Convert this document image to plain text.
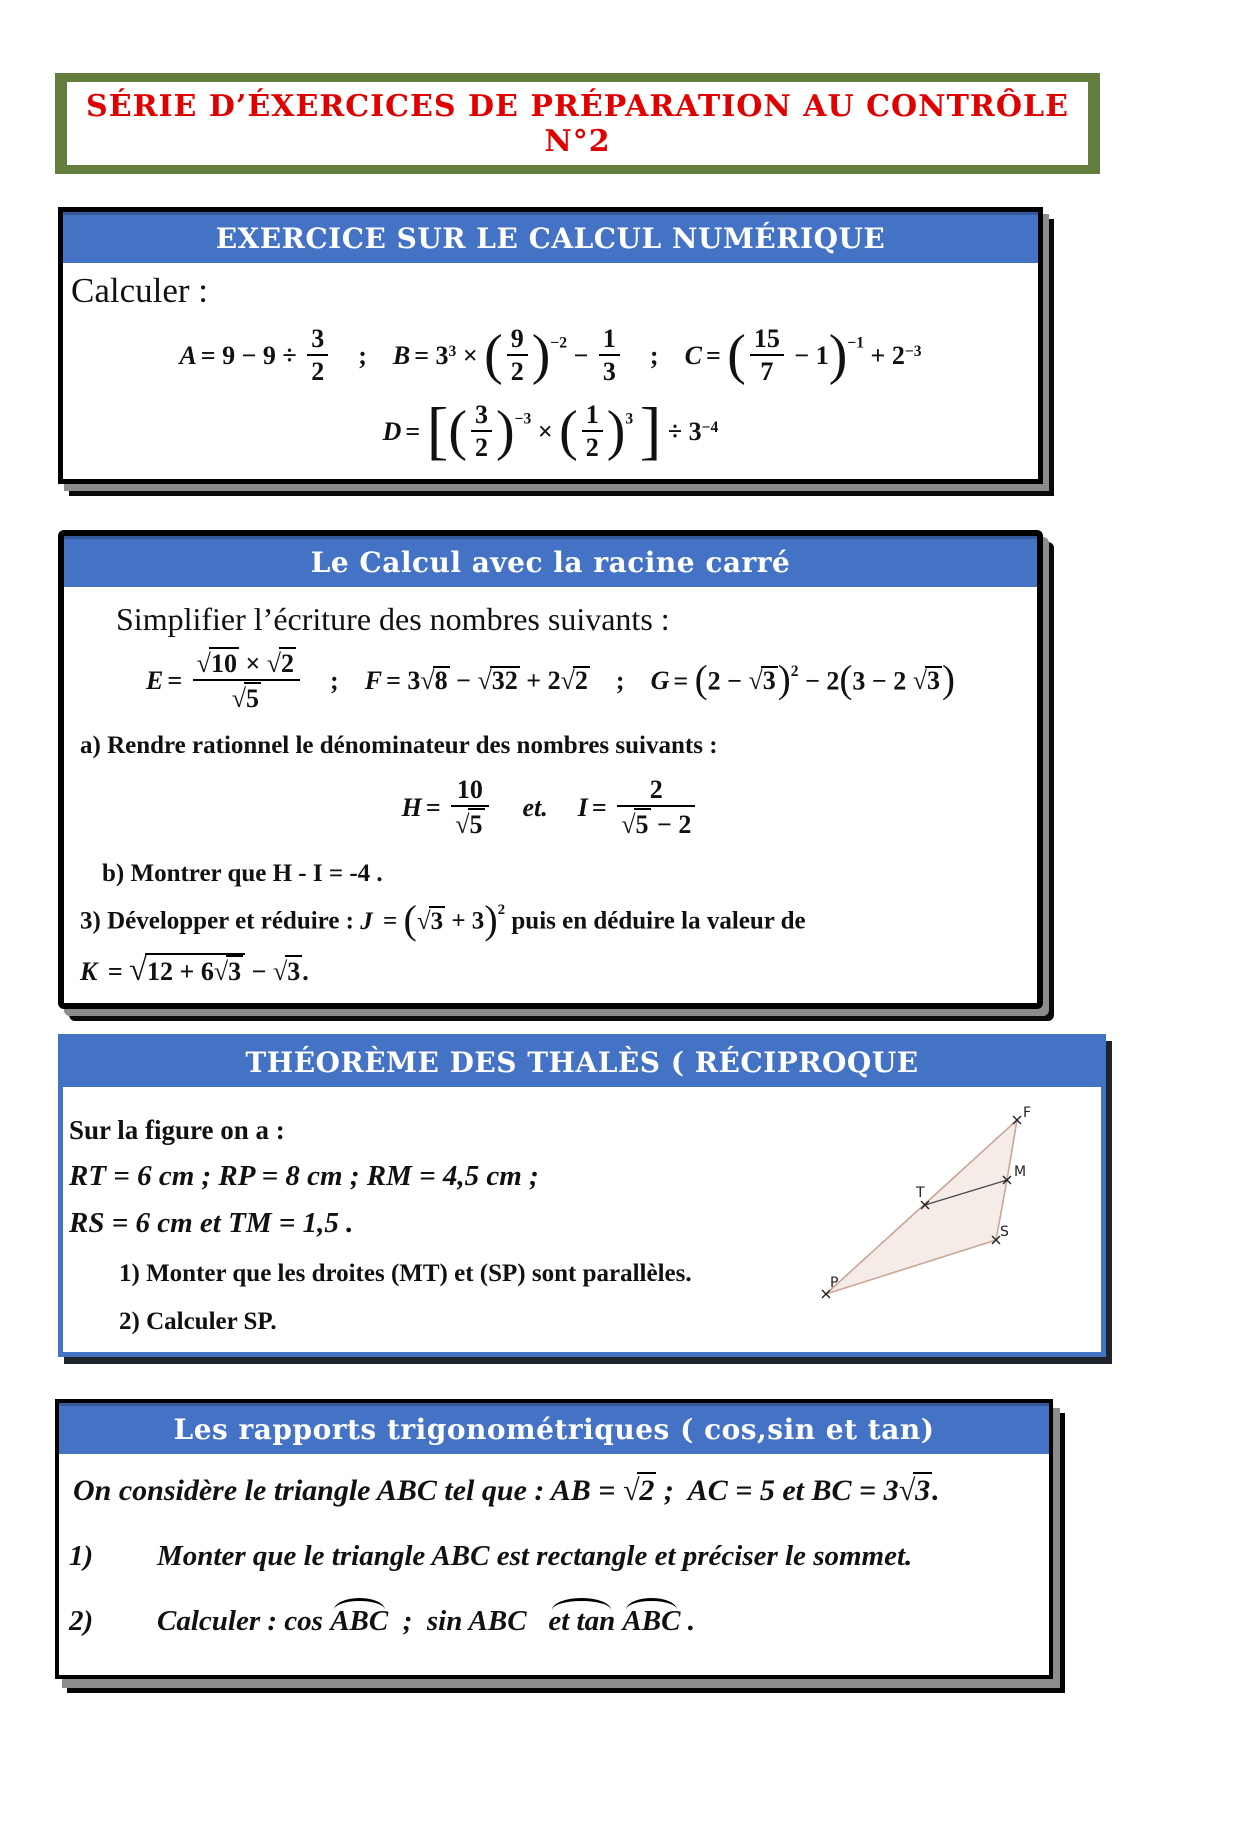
SÉRIE D’ÉXERCICES DE PRÉPARATION AU CONTRÔLE N°2
EXERCICE SUR LE CALCUL NUMÉRIQUE
Calculer :
$A = 9 - 9 \div \frac{3}{2}$ ; $B = 3^3$ × ( $\frac{9}{2} )^{-2} - \frac{1}{3}$ ; C = ( $\frac{15}{7} - 1)^{-1} + 2^{-3}$
D = [( $\frac{3}{2} )^{-3}$ × ( $\frac{1}{2} )^3$ ] ÷ $3^{-4}$
Le Calcul avec la racine carré
Simplifier l’écriture des nombres suivants :
$E = \frac{√10 \times √2}{√5}$ ; F = 3√8 − √32 + 2√2 ; $G = (2 - √3)^2 - 2(3 - 2$ √3)
a) Rendre rationnel le dénominateur des nombres suivants :
$H = \frac{10}{√5}$ et. $I = \frac{2}{√5 - 2}$
b) Montrer que H - I = -4 .
3) Développer et réduire : $J = (√3 + 3)^2$ puis en déduire la valeur de
K = √12 + 6√3 − √3.
THÉORÈME DES THALÈS ( RÉCIPROQUE
Sur la figure on a :
RT = 6 cm ; RP = 8 cm ; RM = 4,5 cm ;
RS = 6 cm et TM = 1,5 .
1) Monter que les droites (MT) et (SP) sont parallèles.
2) Calculer SP.
F
M
T
S
P
Les rapports trigonométriques ( cos,sin et tan)
On considère le triangle ABC tel que : AB = √2 ; AC = 5 et BC = 3√3.
1)	Monter que le triangle ABC est rectangle et préciser le sommet.
2)	Calculer : cos ABC ; sin ABC et tan ABC .
